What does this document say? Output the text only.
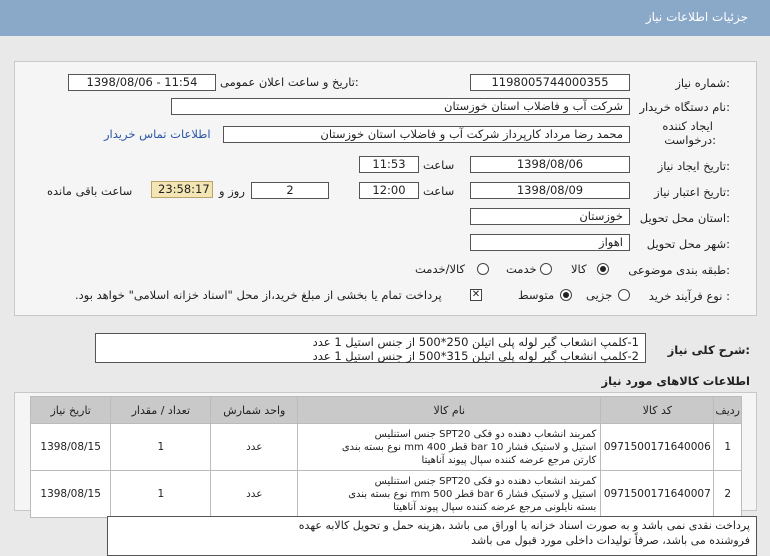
جزئیات اطلاعات نیاز
شماره نیاز:
1198005744000355
تاریخ و ساعت اعلان عمومی:
1398/08/06 - 11:54
نام دستگاه خریدار:
شرکت آب و فاضلاب استان خوزستان
ایجاد کننده
درخواست:
محمد رضا مرداد کارپرداز شرکت آب و فاضلاب استان خوزستان
اطلاعات تماس خریدار
تاریخ ایجاد نیاز:
1398/08/06
ساعت
11:53
تاریخ اعتبار نیاز:
1398/08/09
ساعت
12:00
2
روز و
23:58:17
ساعت باقی مانده
استان محل تحویل:
خوزستان
شهر محل تحویل:
اهواز
طبقه بندی موضوعی:
کالا
خدمت
کالا/خدمت
نوع فرآیند خرید :
جزیی
متوسط
✕
پرداخت تمام یا بخشی از مبلغ خرید،از محل "اسناد خزانه اسلامی" خواهد بود.
شرح کلی نیاز:
1-کلمپ انشعاب گیر لوله پلی اتیلن 250*500 از جنس استیل 1 عدد
2-کلمپ انشعاب گیر لوله پلی اتیلن 315*500 از جنس استیل 1 عدد
اطلاعات کالاهای مورد نیاز
ردیف	کد کالا	نام کالا	واحد شمارش	تعداد / مقدار	تاریخ نیاز
1	0971500171640006	کمربند انشعاب دهنده دو فکی SPT20 جنس استنلیس
استیل و لاستیک فشار bar 10 قطر mm 400 نوع بسته بندی
کارتن مرجع عرضه کننده سپال پیوند آناهیتا	عدد	1	1398/08/15
2	0971500171640007	کمربند انشعاب دهنده دو فکی SPT20 جنس استنلیس
استیل و لاستیک فشار bar 6 قطر mm 500 نوع بسته بندی
بسته نایلونی مرجع عرضه کننده سپال پیوند آناهیتا	عدد	1	1398/08/15
پرداخت نقدی نمی باشد و به صورت اسناد خزانه یا اوراق می باشد ،هزینه حمل و تحویل کالابه عهده
فروشنده می باشد، صرفاً تولیدات داخلی مورد قبول می باشد
